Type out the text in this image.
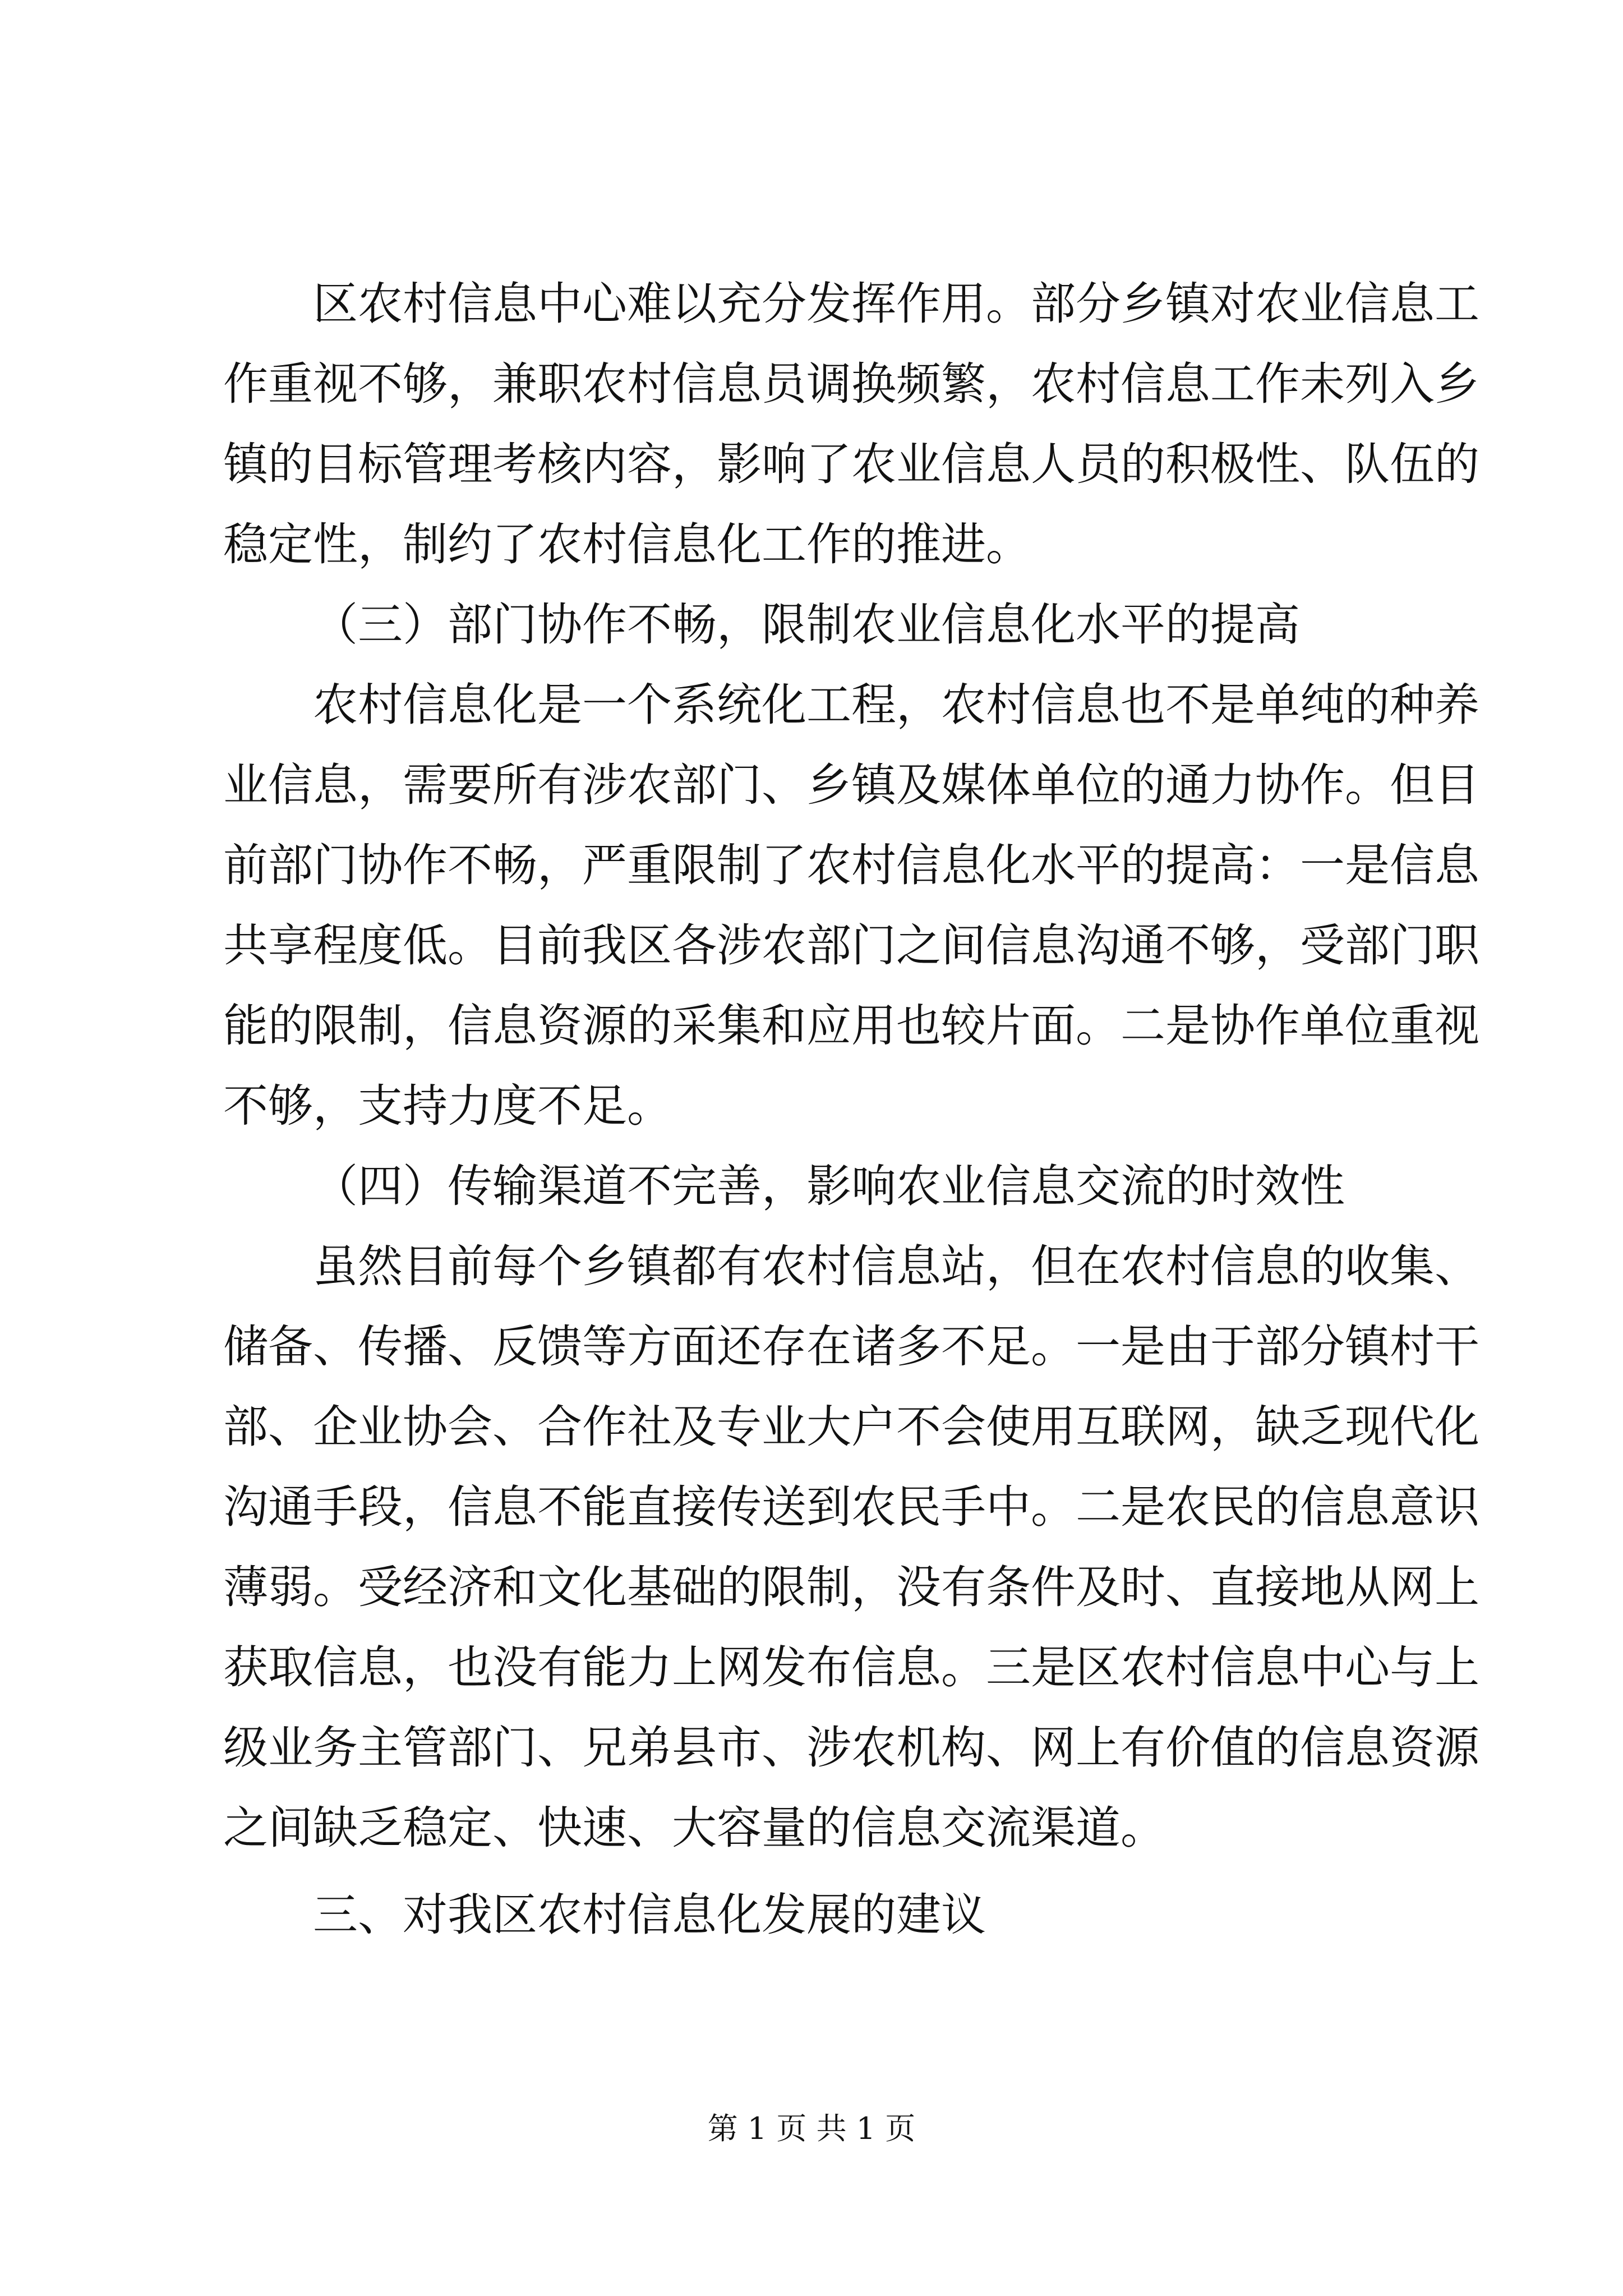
区农村信息中心难以充分发挥作用。部分乡镇对农业信息工
作重视不够，兼职农村信息员调换频繁，农村信息工作未列入乡
镇的目标管理考核内容，影响了农业信息人员的积极性、队伍的
稳定性，制约了农村信息化工作的推进。
（三）部门协作不畅，限制农业信息化水平的提高
农村信息化是一个系统化工程，农村信息也不是单纯的种养
业信息，需要所有涉农部门、乡镇及媒体单位的通力协作。但目
前部门协作不畅，严重限制了农村信息化水平的提高：一是信息
共享程度低。目前我区各涉农部门之间信息沟通不够，受部门职
能的限制，信息资源的采集和应用也较片面。二是协作单位重视
不够，支持力度不足。
（四）传输渠道不完善，影响农业信息交流的时效性
虽然目前每个乡镇都有农村信息站，但在农村信息的收集、
储备、传播、反馈等方面还存在诸多不足。一是由于部分镇村干
部、企业协会、合作社及专业大户不会使用互联网，缺乏现代化
沟通手段，信息不能直接传送到农民手中。二是农民的信息意识
薄弱。受经济和文化基础的限制，没有条件及时、直接地从网上
获取信息，也没有能力上网发布信息。三是区农村信息中心与上
级业务主管部门、兄弟县市、涉农机构、网上有价值的信息资源
之间缺乏稳定、快速、大容量的信息交流渠道。
三、对我区农村信息化发展的建议
第 1 页 共 1 页
